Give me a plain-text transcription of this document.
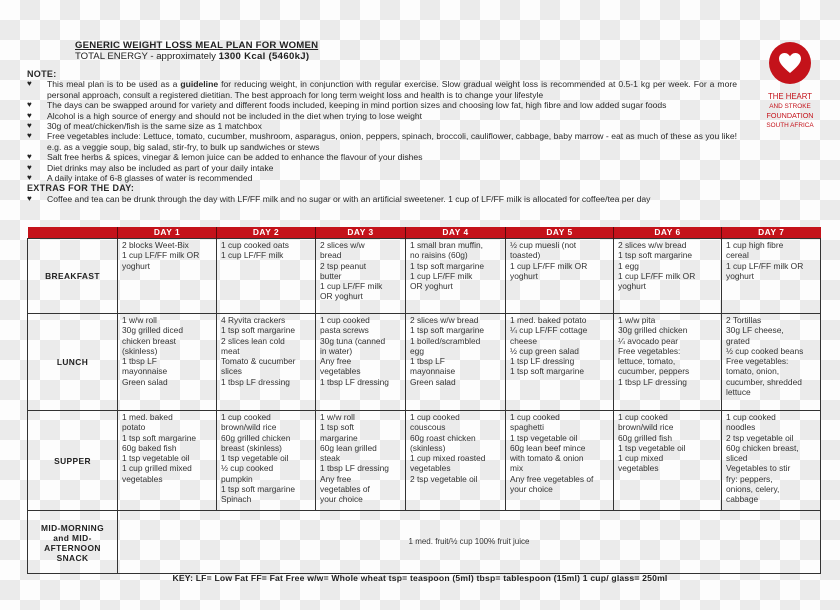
GENERIC WEIGHT LOSS MEAL PLAN FOR WOMEN
TOTAL ENERGY - approximately 1300 Kcal (5460kJ)
THE HEART
AND STROKE
FOUNDATION
SOUTH AFRICA
NOTE:
♥ This meal plan is to be used as a guideline for reducing weight, in conjunction with regular exercise. Slow gradual weight loss is recommended at 0.5-1 kg per week. For a more personal approach, consult a registered dietitian. The best approach for long term weight loss and health is to change your lifestyle
♥ The days can be swapped around for variety and different foods included, keeping in mind portion sizes and choosing low fat, high fibre and low added sugar foods
♥ Alcohol is a high source of energy and should not be included in the diet when trying to lose weight
♥ 30g of meat/chicken/fish is the same size as 1 matchbox
♥ Free vegetables include: Lettuce, tomato, cucumber, mushroom, asparagus, onion, peppers, spinach, broccoli, cauliflower, cabbage, baby marrow - eat as much of these as you like! e.g. as a veggie soup, big salad, stir-fry, to bulk up sandwiches or stews
♥ Salt free herbs & spices, vinegar & lemon juice can be added to enhance the flavour of your dishes
♥ Diet drinks may also be included as part of your daily intake
♥ A daily intake of 6-8 glasses of water is recommended
EXTRAS FOR THE DAY:
♥ Coffee and tea can be drunk through the day with LF/FF milk and no sugar or with an artificial sweetener. 1 cup of LF/FF milk is allocated for coffee/tea per day
	DAY 1	DAY 2	DAY 3	DAY 4	DAY 5	DAY 6	DAY 7
BREAKFAST	
2 blocks Weet-Bix
1 cup LF/FF milk OR
yoghurt

1 cup cooked oats
1 cup LF/FF milk

2 slices w/w
bread
2 tsp peanut
butter
1 cup LF/FF milk
OR yoghurt

1 small bran muffin,
no raisins (60g)
1 tsp soft margarine
1 cup LF/FF milk
OR yoghurt

½ cup muesli (not
toasted)
1 cup LF/FF milk OR
yoghurt

2 slices w/w bread
1 tsp soft margarine
1 egg
1 cup LF/FF milk OR
yoghurt

1 cup high fibre
cereal
1 cup LF/FF milk OR
yoghurt

LUNCH	
1 w/w roll
30g grilled diced
chicken breast
(skinless)
1 tbsp LF
mayonnaise
Green salad

4 Ryvita crackers
1 tsp soft margarine
2 slices lean cold
meat
Tomato & cucumber
slices
1 tbsp LF dressing

1 cup cooked
pasta screws
30g tuna (canned
in water)
Any free
vegetables
1 tbsp LF dressing

2 slices w/w bread
1 tsp soft margarine
1 boiled/scrambled
egg
1 tbsp LF
mayonnaise
Green salad

1 med. baked potato
¼ cup LF/FF cottage
cheese
½ cup green salad
1 tsp LF dressing
1 tsp soft margarine

1 w/w pita
30g grilled chicken
¼ avocado pear
Free vegetables:
lettuce, tomato,
cucumber, peppers
1 tbsp LF dressing

2 Tortillas
30g LF cheese,
grated
½ cup cooked beans
Free vegetables:
tomato, onion,
cucumber, shredded
lettuce

SUPPER	
1 med. baked
potato
1 tsp soft margarine
60g baked fish
1 tsp vegetable oil
1 cup grilled mixed
vegetables

1 cup cooked
brown/wild rice
60g grilled chicken
breast (skinless)
1 tsp vegetable oil
½ cup cooked
pumpkin
1 tsp soft margarine
Spinach

1 w/w roll
1 tsp soft
margarine
60g lean grilled
steak
1 tbsp LF dressing
Any free
vegetables of
your choice

1 cup cooked
couscous
60g roast chicken
(skinless)
1 cup mixed roasted
vegetables
2 tsp vegetable oil

1 cup cooked
spaghetti
1 tsp vegetable oil
60g lean beef mince
with tomato & onion
mix
Any free vegetables of
your choice

1 cup cooked
brown/wild rice
60g grilled fish
1 tsp vegetable oil
1 cup mixed
vegetables

1 cup cooked
noodles
2 tsp vegetable oil
60g chicken breast,
sliced
Vegetables to stir
fry: peppers,
onions, celery,
cabbage

MID-MORNING
and MID-
AFTERNOON
SNACK	1 med. fruit/½ cup 100% fruit juice						
KEY: LF= Low Fat FF= Fat Free w/w= Whole wheat tsp= teaspoon (5ml) tbsp= tablespoon (15ml) 1 cup/ glass= 250ml
